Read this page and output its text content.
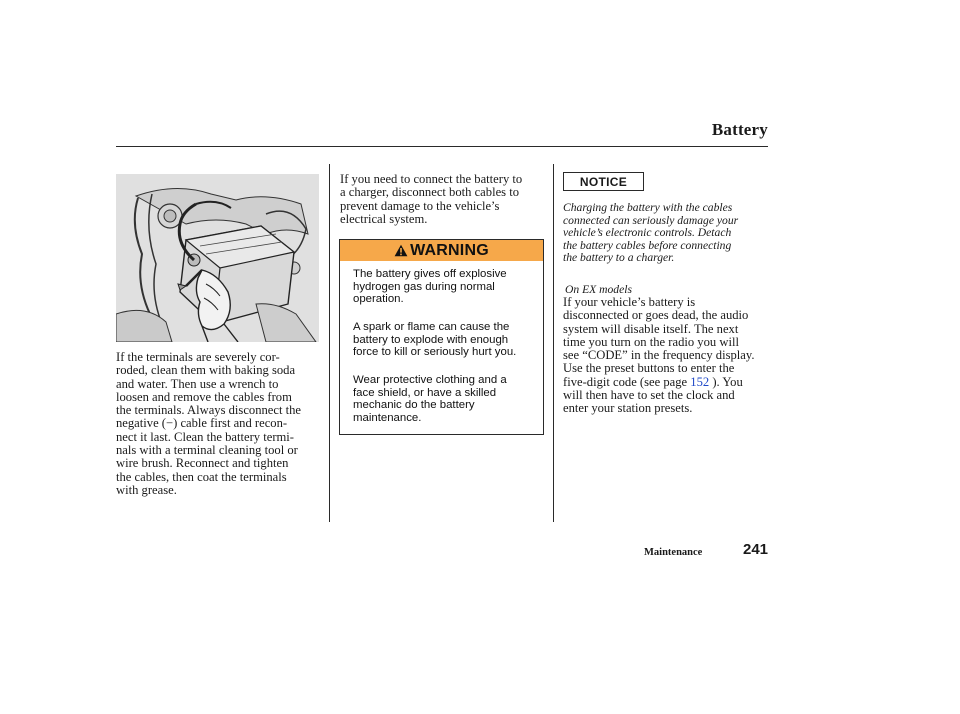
Battery

If the terminals are severely cor-
roded, clean them with baking soda
and water. Then use a wrench to
loosen and remove the cables from
the terminals. Always disconnect the
negative (−) cable first and recon-
nect it last. Clean the battery termi-
nals with a terminal cleaning tool or
wire brush. Reconnect and tighten
the cables, then coat the terminals
with grease.

If you need to connect the battery to
a charger, disconnect both cables to
prevent damage to the vehicle’s
electrical system.

WARNING

The battery gives off explosive
hydrogen gas during normal
operation.

A spark or flame can cause the
battery to explode with enough
force to kill or seriously hurt you.

Wear protective clothing and a
face shield, or have a skilled
mechanic do the battery
maintenance.

NOTICE

Charging the battery with the cables
connected can seriously damage your
vehicle’s electronic controls. Detach
the battery cables before connecting
the battery to a charger.

On EX models

If your vehicle’s battery is
disconnected or goes dead, the audio
system will disable itself. The next
time you turn on the radio you will
see “CODE” in the frequency display.
Use the preset buttons to enter the
five-digit code (see page 152 ). You
will then have to set the clock and
enter your station presets.

Maintenance	241
